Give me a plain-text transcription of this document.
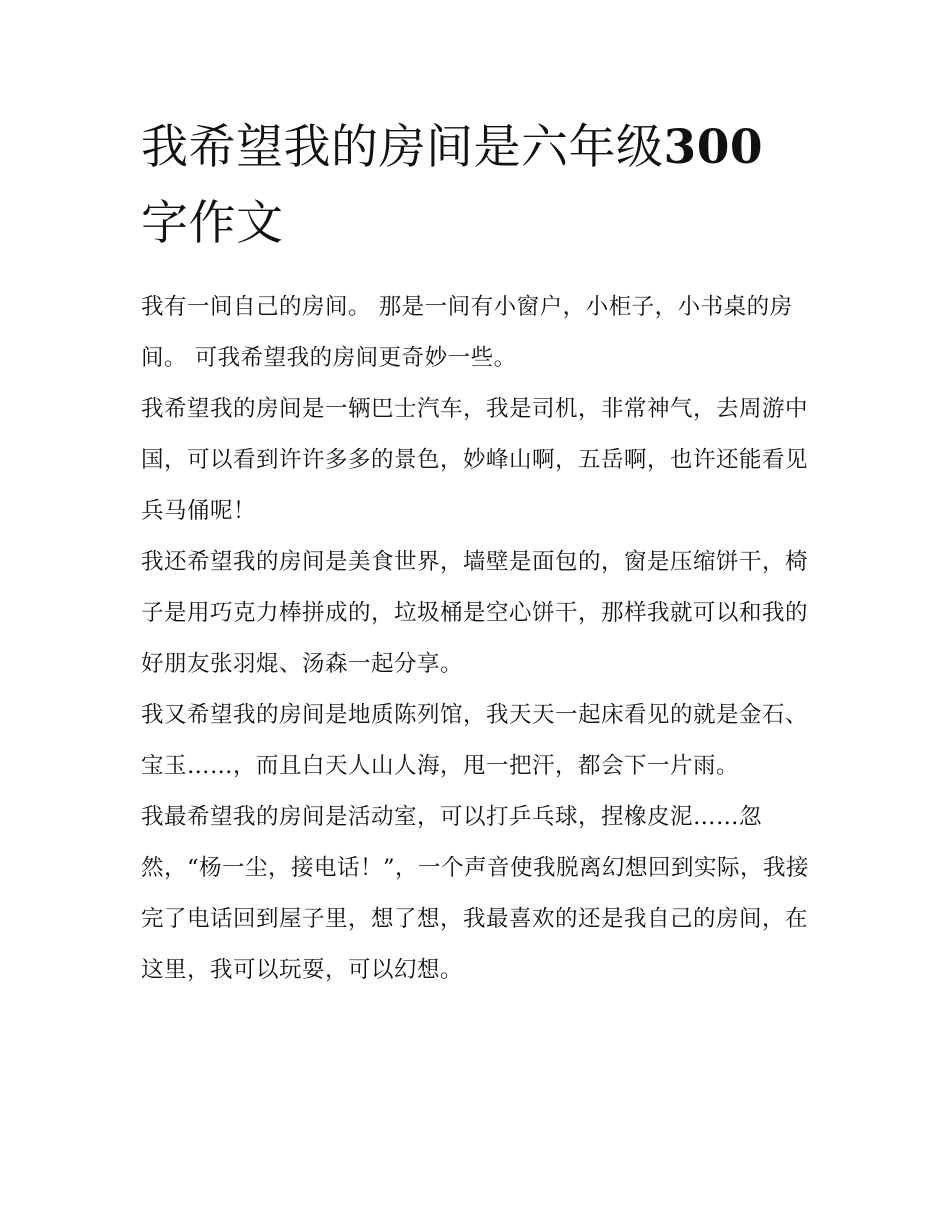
我希望我的房间是六年级300
字作文

我有一间自己的房间。 那是一间有小窗户，小柜子，小书桌的房间。 可我希望我的房间更奇妙一些。

我希望我的房间是一辆巴士汽车，我是司机，非常神气，去周游中国，可以看到许许多多的景色，妙峰山啊，五岳啊，也许还能看见兵马俑呢！

我还希望我的房间是美食世界，墙壁是面包的，窗是压缩饼干，椅子是用巧克力棒拼成的，垃圾桶是空心饼干，那样我就可以和我的好朋友张羽焜、汤森一起分享。

我又希望我的房间是地质陈列馆，我天天一起床看见的就是金石、宝玉……，而且白天人山人海，甩一把汗，都会下一片雨。

我最希望我的房间是活动室，可以打乒乓球，捏橡皮泥……忽然，“杨一尘，接电话！”，一个声音使我脱离幻想回到实际，我接完了电话回到屋子里，想了想，我最喜欢的还是我自己的房间，在这里，我可以玩耍，可以幻想。
